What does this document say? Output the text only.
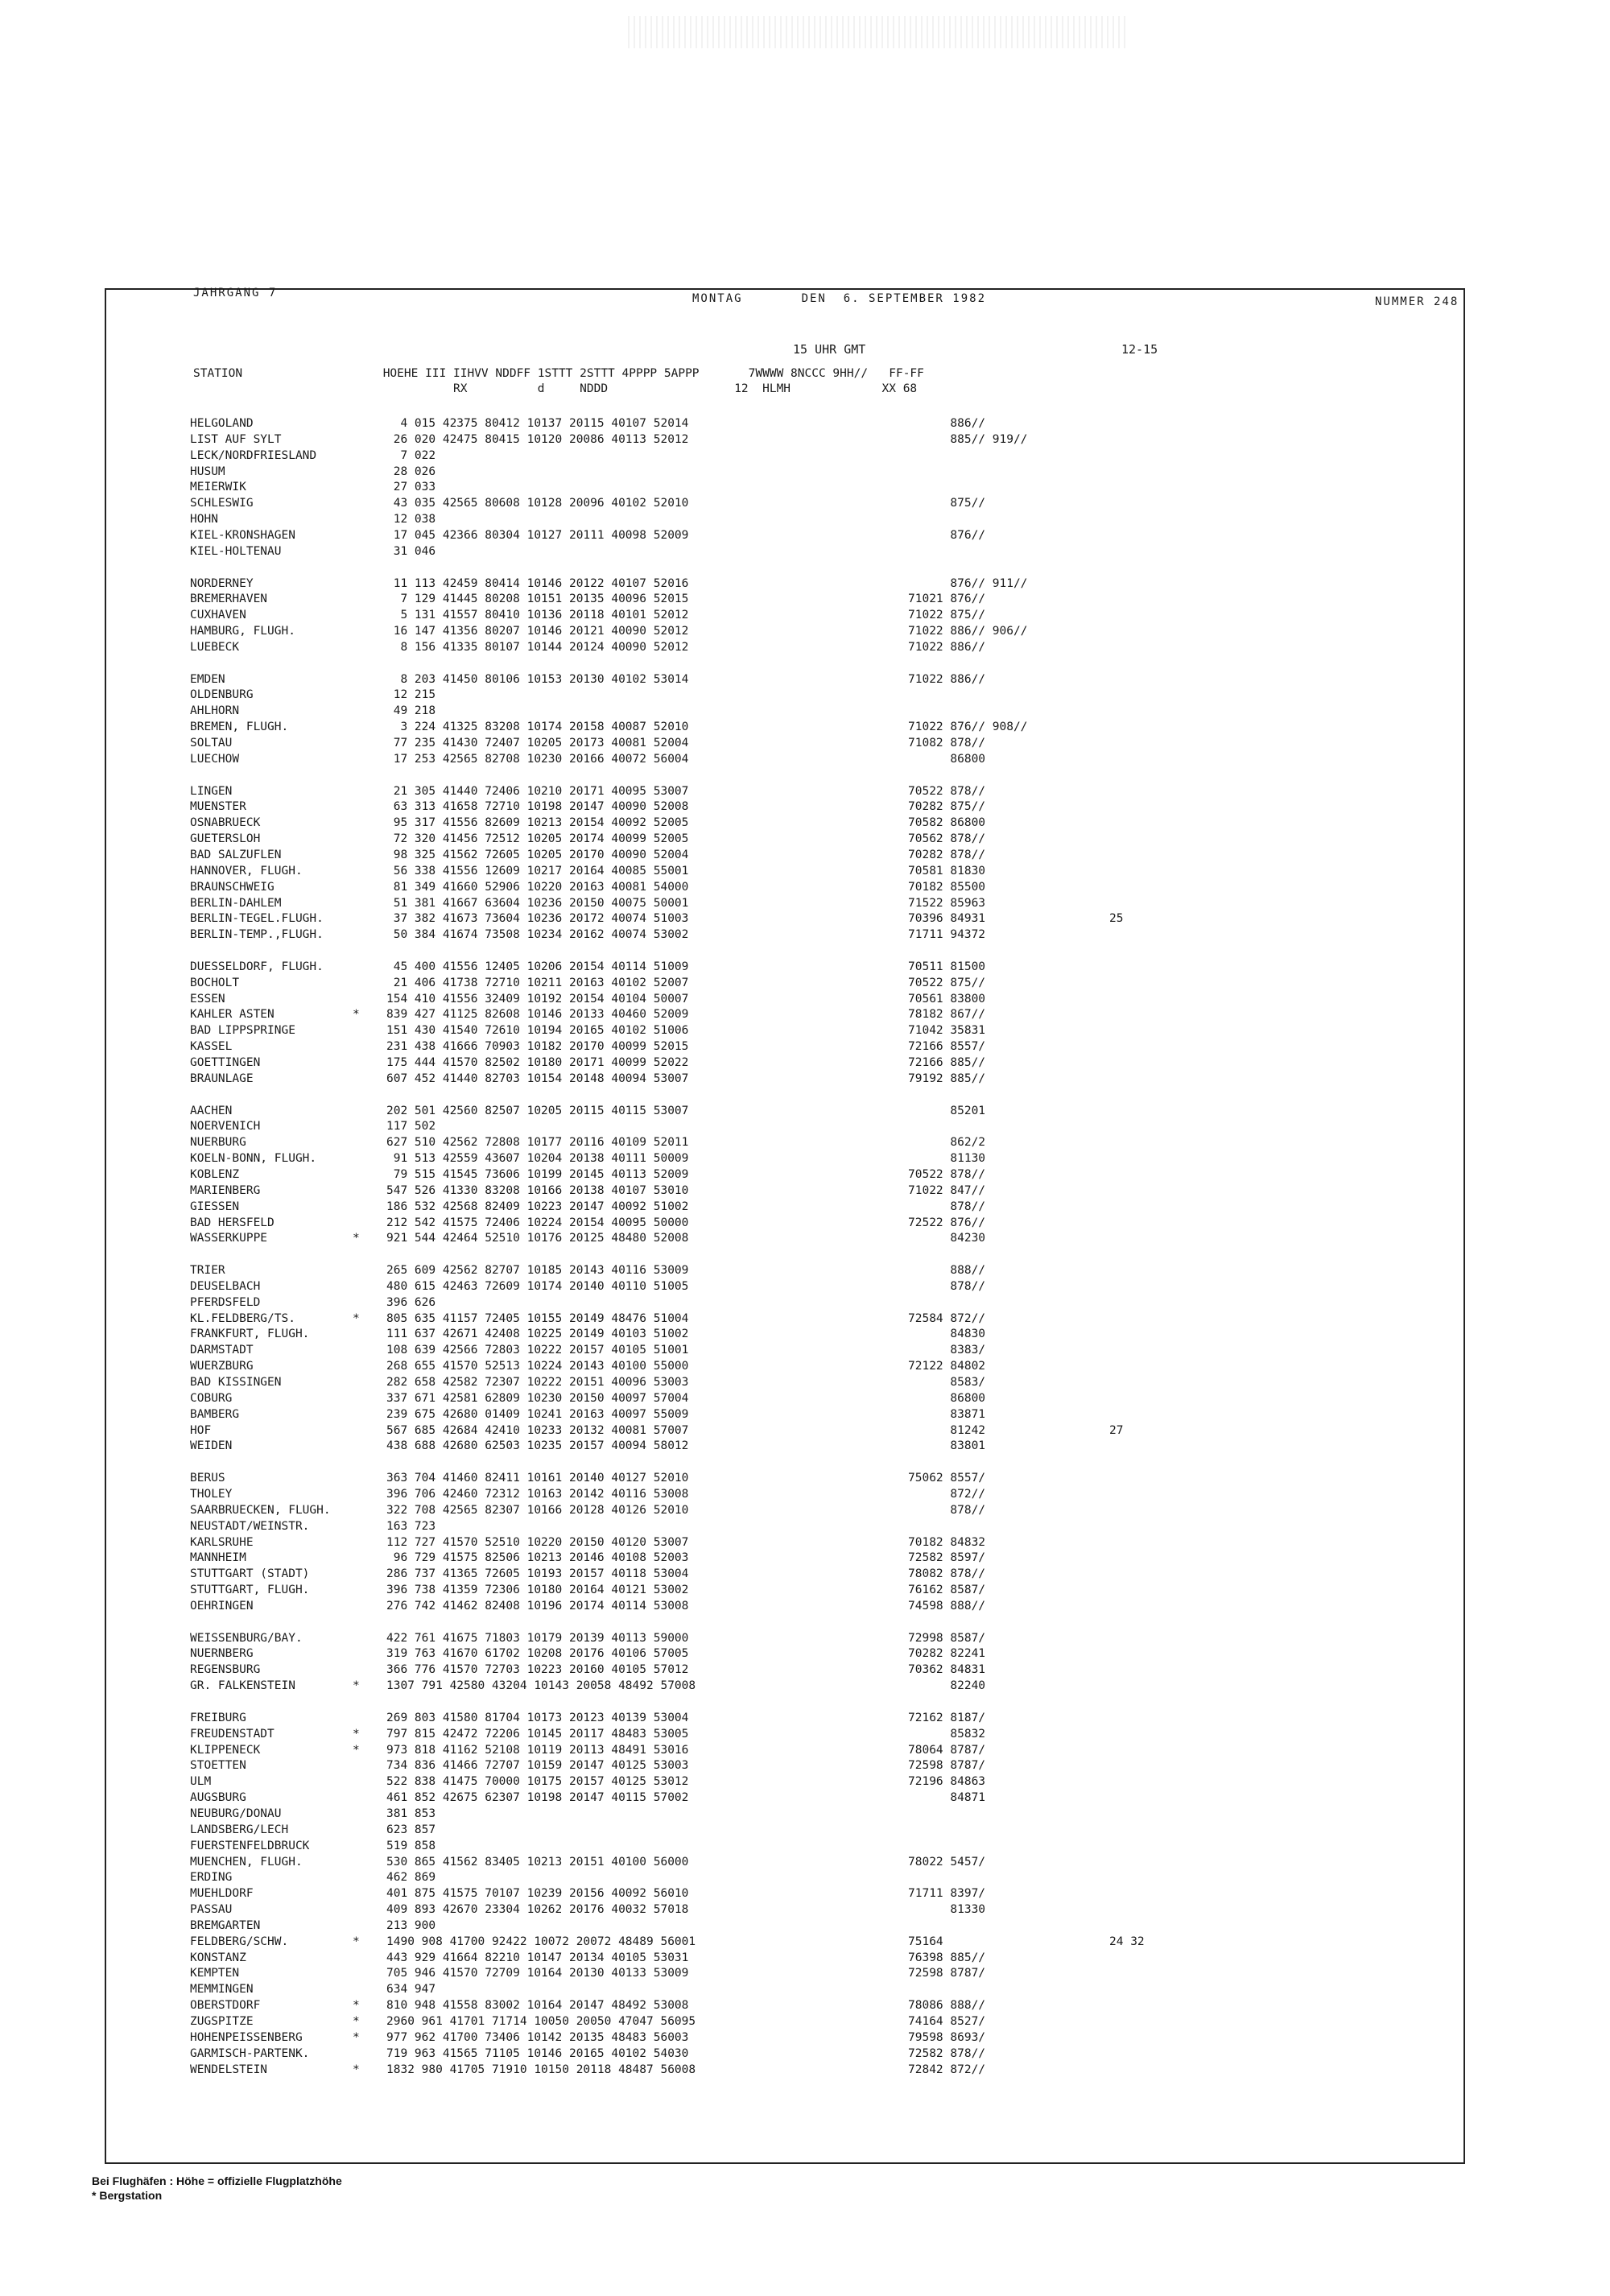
JAHRGANG 7	MONTAG       DEN  6. SEPTEMBER 1982	NUMMER 248
15 UHR GMT	12-15
STATION                    HOEHE III IIHVV NDDFF 1STTT 2STTT 4PPPP 5APPP       7WWWW 8NCCC 9HH//   FF-FF
RX          d     NDDD                  12  HLMH             XX 68
HELGOLAND	4 015 42375 80412 10137 20115 40107 52014	886//
LIST AUF SYLT	26 020 42475 80415 10120 20086 40113 52012	885// 919//
LECK/NORDFRIESLAND	7 022
HUSUM	28 026
MEIERWIK	27 033
SCHLESWIG	43 035 42565 80608 10128 20096 40102 52010	875//
HOHN	12 038
KIEL-KRONSHAGEN	17 045 42366 80304 10127 20111 40098 52009	876//
KIEL-HOLTENAU	31 046
NORDERNEY	11 113 42459 80414 10146 20122 40107 52016	876// 911//
BREMERHAVEN	7 129 41445 80208 10151 20135 40096 52015	71021 876//
CUXHAVEN	5 131 41557 80410 10136 20118 40101 52012	71022 875//
HAMBURG, FLUGH.	16 147 41356 80207 10146 20121 40090 52012	71022 886// 906//
LUEBECK	8 156 41335 80107 10144 20124 40090 52012	71022 886//
EMDEN	8 203 41450 80106 10153 20130 40102 53014	71022 886//
OLDENBURG	12 215
AHLHORN	49 218
BREMEN, FLUGH.	3 224 41325 83208 10174 20158 40087 52010	71022 876// 908//
SOLTAU	77 235 41430 72407 10205 20173 40081 52004	71082 878//
LUECHOW	17 253 42565 82708 10230 20166 40072 56004	86800
LINGEN	21 305 41440 72406 10210 20171 40095 53007	70522 878//
MUENSTER	63 313 41658 72710 10198 20147 40090 52008	70282 875//
OSNABRUECK	95 317 41556 82609 10213 20154 40092 52005	70582 86800
GUETERSLOH	72 320 41456 72512 10205 20174 40099 52005	70562 878//
BAD SALZUFLEN	98 325 41562 72605 10205 20170 40090 52004	70282 878//
HANNOVER, FLUGH.	56 338 41556 12609 10217 20164 40085 55001	70581 81830
BRAUNSCHWEIG	81 349 41660 52906 10220 20163 40081 54000	70182 85500
BERLIN-DAHLEM	51 381 41667 63604 10236 20150 40075 50001	71522 85963
BERLIN-TEGEL.FLUGH.	37 382 41673 73604 10236 20172 40074 51003	70396 84931	25
BERLIN-TEMP.,FLUGH.	50 384 41674 73508 10234 20162 40074 53002	71711 94372
DUESSELDORF, FLUGH.	45 400 41556 12405 10206 20154 40114 51009	70511 81500
BOCHOLT	21 406 41738 72710 10211 20163 40102 52007	70522 875//
ESSEN	154 410 41556 32409 10192 20154 40104 50007	70561 83800
KAHLER ASTEN	* 839 427 41125 82608 10146 20133 40460 52009	78182 867//
BAD LIPPSPRINGE	151 430 41540 72610 10194 20165 40102 51006	71042 35831
KASSEL	231 438 41666 70903 10182 20170 40099 52015	72166 8557/
GOETTINGEN	175 444 41570 82502 10180 20171 40099 52022	72166 885//
BRAUNLAGE	607 452 41440 82703 10154 20148 40094 53007	79192 885//
AACHEN	202 501 42560 82507 10205 20115 40115 53007	85201
NOERVENICH	117 502
NUERBURG	627 510 42562 72808 10177 20116 40109 52011	862/2
KOELN-BONN, FLUGH.	91 513 42559 43607 10204 20138 40111 50009	81130
KOBLENZ	79 515 41545 73606 10199 20145 40113 52009	70522 878//
MARIENBERG	547 526 41330 83208 10166 20138 40107 53010	71022 847//
GIESSEN	186 532 42568 82409 10223 20147 40092 51002	878//
BAD HERSFELD	212 542 41575 72406 10224 20154 40095 50000	72522 876//
WASSERKUPPE	* 921 544 42464 52510 10176 20125 48480 52008	84230
TRIER	265 609 42562 82707 10185 20143 40116 53009	888//
DEUSELBACH	480 615 42463 72609 10174 20140 40110 51005	878//
PFERDSFELD	396 626
KL.FELDBERG/TS.	* 805 635 41157 72405 10155 20149 48476 51004	72584 872//
FRANKFURT, FLUGH.	111 637 42671 42408 10225 20149 40103 51002	84830
DARMSTADT	108 639 42566 72803 10222 20157 40105 51001	8383/
WUERZBURG	268 655 41570 52513 10224 20143 40100 55000	72122 84802
BAD KISSINGEN	282 658 42582 72307 10222 20151 40096 53003	8583/
COBURG	337 671 42581 62809 10230 20150 40097 57004	86800
BAMBERG	239 675 42680 01409 10241 20163 40097 55009	83871
HOF	567 685 42684 42410 10233 20132 40081 57007	81242	27
WEIDEN	438 688 42680 62503 10235 20157 40094 58012	83801
BERUS	363 704 41460 82411 10161 20140 40127 52010	75062 8557/
THOLEY	396 706 42460 72312 10163 20142 40116 53008	872//
SAARBRUECKEN, FLUGH.	322 708 42565 82307 10166 20128 40126 52010	878//
NEUSTADT/WEINSTR.	163 723
KARLSRUHE	112 727 41570 52510 10220 20150 40120 53007	70182 84832
MANNHEIM	96 729 41575 82506 10213 20146 40108 52003	72582 8597/
STUTTGART (STADT)	286 737 41365 72605 10193 20157 40118 53004	78082 878//
STUTTGART, FLUGH.	396 738 41359 72306 10180 20164 40121 53002	76162 8587/
OEHRINGEN	276 742 41462 82408 10196 20174 40114 53008	74598 888//
WEISSENBURG/BAY.	422 761 41675 71803 10179 20139 40113 59000	72998 8587/
NUERNBERG	319 763 41670 61702 10208 20176 40106 57005	70282 82241
REGENSBURG	366 776 41570 72703 10223 20160 40105 57012	70362 84831
GR. FALKENSTEIN	* 1307 791 42580 43204 10143 20058 48492 57008	82240
FREIBURG	269 803 41580 81704 10173 20123 40139 53004	72162 8187/
FREUDENSTADT	* 797 815 42472 72206 10145 20117 48483 53005	85832
KLIPPENECK	* 973 818 41162 52108 10119 20113 48491 53016	78064 8787/
STOETTEN	734 836 41466 72707 10159 20147 40125 53003	72598 8787/
ULM	522 838 41475 70000 10175 20157 40125 53012	72196 84863
AUGSBURG	461 852 42675 62307 10198 20147 40115 57002	84871
NEUBURG/DONAU	381 853
LANDSBERG/LECH	623 857
FUERSTENFELDBRUCK	519 858
MUENCHEN, FLUGH.	530 865 41562 83405 10213 20151 40100 56000	78022 5457/
ERDING	462 869
MUEHLDORF	401 875 41575 70107 10239 20156 40092 56010	71711 8397/
PASSAU	409 893 42670 23304 10262 20176 40032 57018	81330
BREMGARTEN	213 900
FELDBERG/SCHW.	* 1490 908 41700 92422 10072 20072 48489 56001	75164	24 32
KONSTANZ	443 929 41664 82210 10147 20134 40105 53031	76398 885//
KEMPTEN	705 946 41570 72709 10164 20130 40133 53009	72598 8787/
MEMMINGEN	634 947
OBERSTDORF	* 810 948 41558 83002 10164 20147 48492 53008	78086 888//
ZUGSPITZE	* 2960 961 41701 71714 10050 20050 47047 56095	74164 8527/
HOHENPEISSENBERG	* 977 962 41700 73406 10142 20135 48483 56003	79598 8693/
GARMISCH-PARTENK.	719 963 41565 71105 10146 20165 40102 54030	72582 878//
WENDELSTEIN	* 1832 980 41705 71910 10150 20118 48487 56008	72842 872//
Bei Flughäfen : Höhe = offizielle Flugplatzhöhe
* Bergstation
